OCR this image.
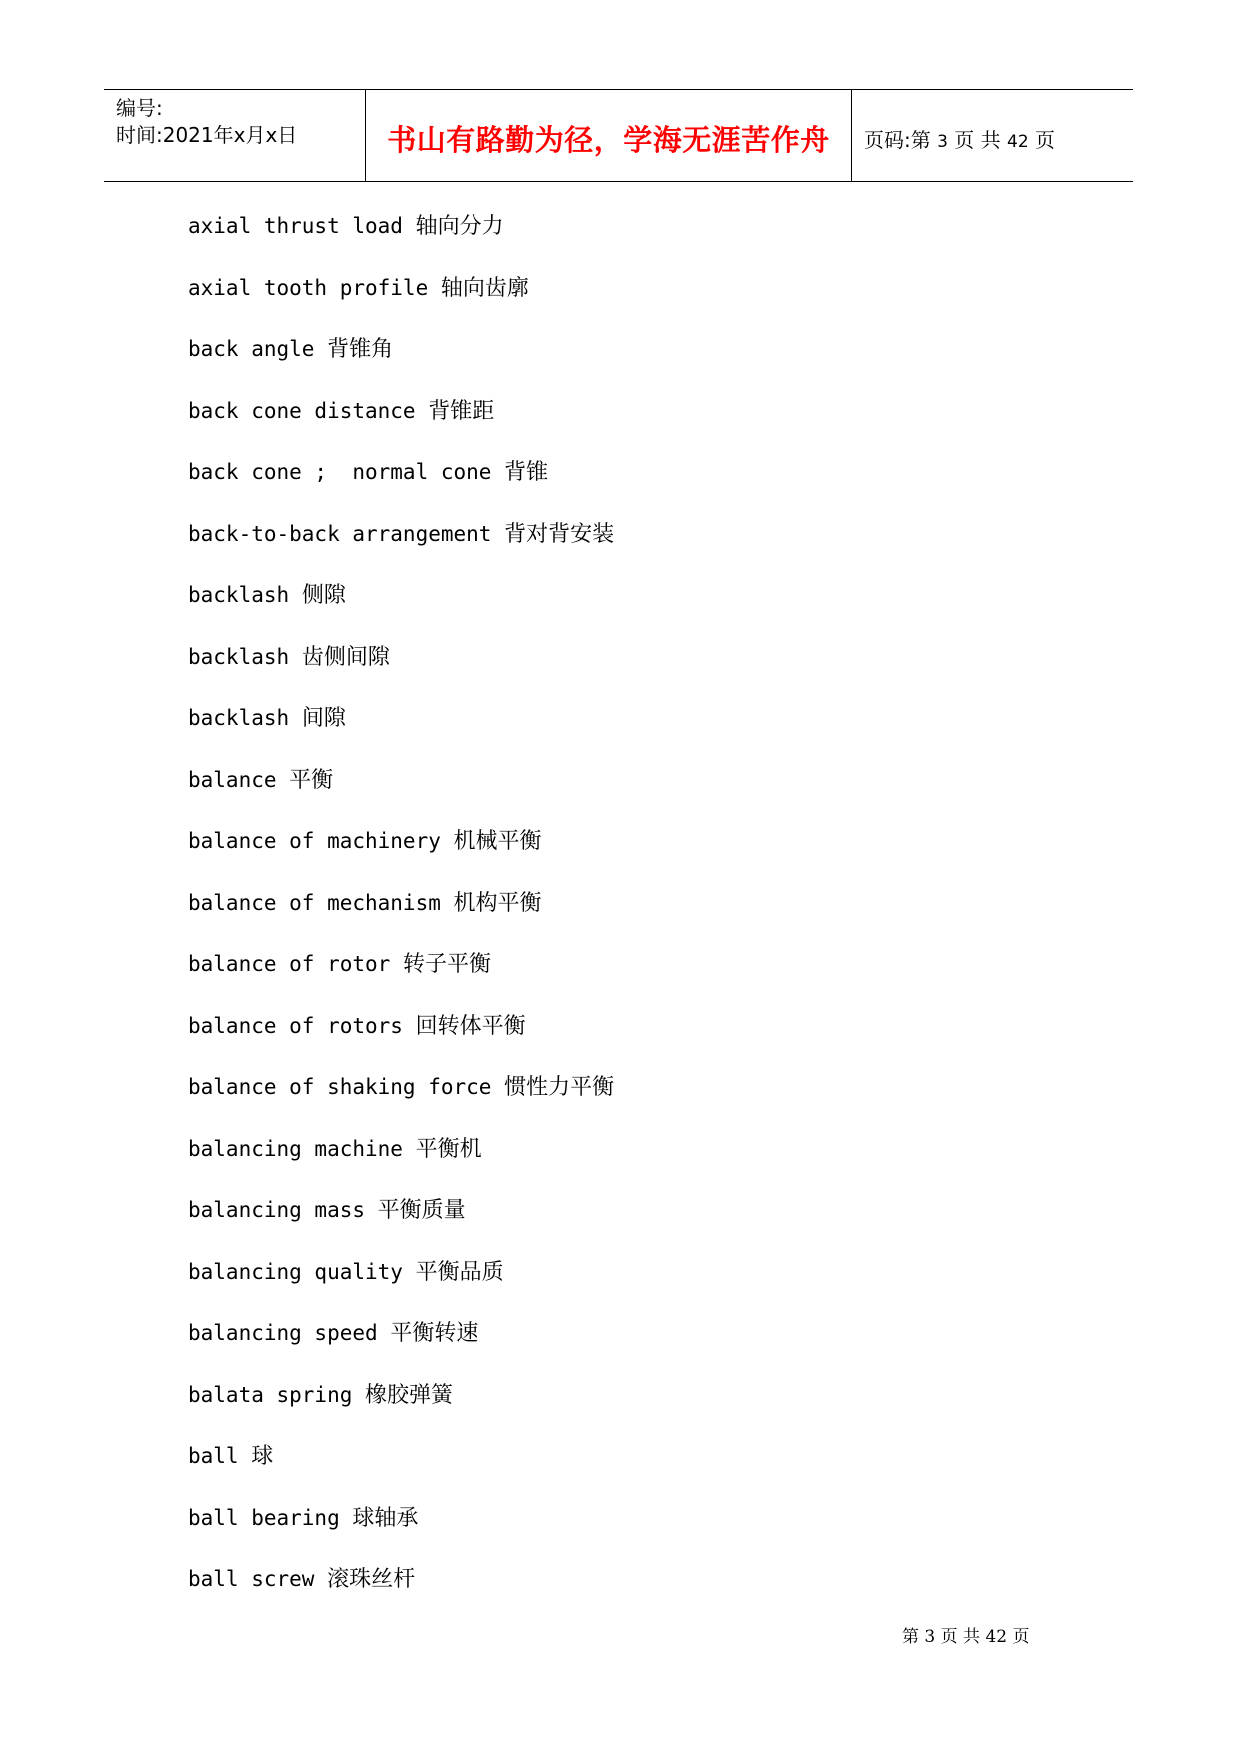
编号:
时间:2021年x月x日	书山有路勤为径，学海无涯苦作舟	页码:第 3 页 共 42 页
axial thrust load 轴向分力
axial tooth profile 轴向齿廓
back angle 背锥角
back cone distance 背锥距
back cone ;  normal cone 背锥
back-to-back arrangement 背对背安装
backlash 侧隙
backlash 齿侧间隙
backlash 间隙
balance 平衡
balance of machinery 机械平衡
balance of mechanism 机构平衡
balance of rotor 转子平衡
balance of rotors 回转体平衡
balance of shaking force 惯性力平衡
balancing machine 平衡机
balancing mass 平衡质量
balancing quality 平衡品质
balancing speed 平衡转速
balata spring 橡胶弹簧
ball 球
ball bearing 球轴承
ball screw 滚珠丝杆
第 3 页 共 42 页
